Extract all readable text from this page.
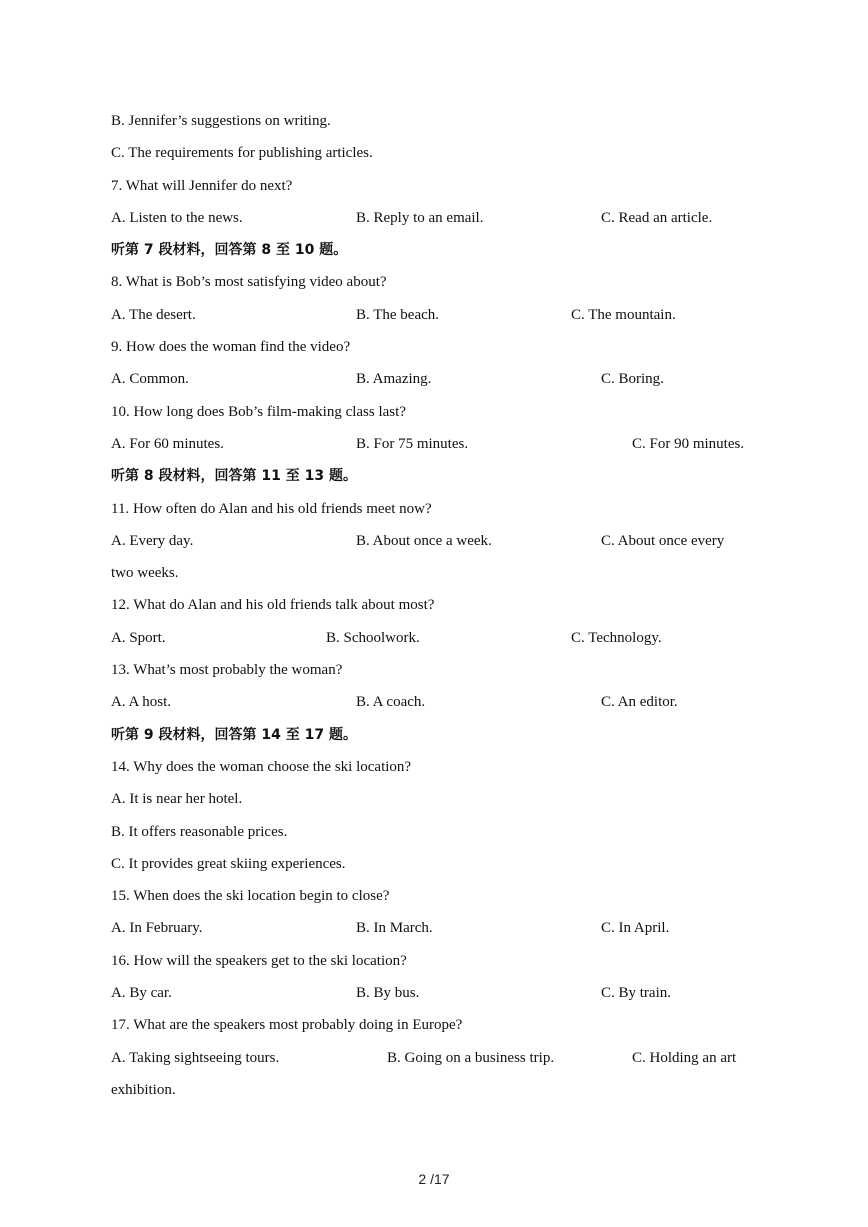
B. Jennifer’s suggestions on writing.
C. The requirements for publishing articles.
7. What will Jennifer do next?
A. Listen to the news.	B. Reply to an email.	C. Read an article.
听第 7 段材料，回答第 8 至 10 题。
8. What is Bob’s most satisfying video about?
A. The desert.	B. The beach.	C. The mountain.
9. How does the woman find the video?
A. Common.	B. Amazing.	C. Boring.
10. How long does Bob’s film-making class last?
A. For 60 minutes.	B. For 75 minutes.	C. For 90 minutes.
听第 8 段材料，回答第 11 至 13 题。
11. How often do Alan and his old friends meet now?
A. Every day.	B. About once a week.	C. About once every
two weeks.
12. What do Alan and his old friends talk about most?
A. Sport.	B. Schoolwork.	C. Technology.
13. What’s most probably the woman?
A. A host.	B. A coach.	C. An editor.
听第 9 段材料，回答第 14 至 17 题。
14. Why does the woman choose the ski location?
A. It is near her hotel.
B. It offers reasonable prices.
C. It provides great skiing experiences.
15. When does the ski location begin to close?
A. In February.	B. In March.	C. In April.
16. How will the speakers get to the ski location?
A. By car.	B. By bus.	C. By train.
17. What are the speakers most probably doing in Europe?
A. Taking sightseeing tours.	B. Going on a business trip.	C. Holding an art
exhibition.
2 /17
